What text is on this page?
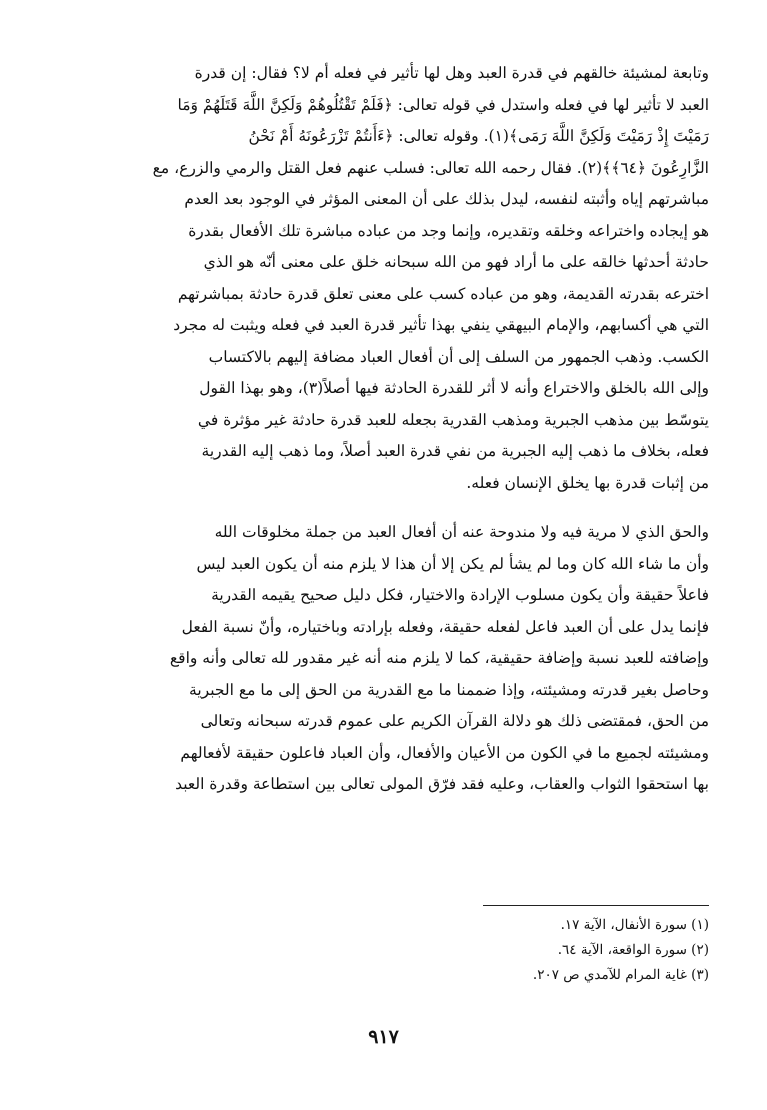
وتابعة لمشيئة خالقهم في قدرة العبد وهل لها تأثير في فعله أم لا؟ فقال: إن قدرة
العبد لا تأثير لها في فعله واستدل في قوله تعالى: ﴿فَلَمْ تَقْتُلُوهُمْ وَلَكِنَّ اللَّهَ قَتَلَهُمْ وَمَا
رَمَيْتَ إِذْ رَمَيْتَ وَلَكِنَّ اللَّهَ رَمَى﴾(١). وقوله تعالى: ﴿ءَأَنتُمْ تَزْرَعُونَهُ أَمْ نَحْنُ
الزَّارِعُونَ ﴿٦٤﴾﴾(٢). فقال رحمه الله تعالى: فسلب عنهم فعل القتل والرمي والزرع، مع
مباشرتهم إياه وأثبته لنفسه، ليدل بذلك على أن المعنى المؤثر في الوجود بعد العدم
هو إيجاده واختراعه وخلقه وتقديره، وإنما وجد من عباده مباشرة تلك الأفعال بقدرة
حادثة أحدثها خالقه على ما أراد فهو من الله سبحانه خلق على معنى أنّه هو الذي
اخترعه بقدرته القديمة، وهو من عباده كسب على معنى تعلق قدرة حادثة بمباشرتهم
التي هي أكسابهم، والإمام البيهقي ينفي بهذا تأثير قدرة العبد في فعله ويثبت له مجرد
الكسب. وذهب الجمهور من السلف إلى أن أفعال العباد مضافة إليهم بالاكتساب
وإلى الله بالخلق والاختراع وأنه لا أثر للقدرة الحادثة فيها أصلاً(٣)، وهو بهذا القول
يتوسّط بين مذهب الجبرية ومذهب القدرية بجعله للعبد قدرة حادثة غير مؤثرة في
فعله، بخلاف ما ذهب إليه الجبرية من نفي قدرة العبد أصلاً، وما ذهب إليه القدرية
من إثبات قدرة بها يخلق الإنسان فعله.
والحق الذي لا مرية فيه ولا مندوحة عنه أن أفعال العبد من جملة مخلوقات الله
وأن ما شاء الله كان وما لم يشأ لم يكن إلا أن هذا لا يلزم منه أن يكون العبد ليس
فاعلاً حقيقة وأن يكون مسلوب الإرادة والاختيار، فكل دليل صحيح يقيمه القدرية
فإنما يدل على أن العبد فاعل لفعله حقيقة، وفعله بإرادته وباختياره، وأنّ نسبة الفعل
وإضافته للعبد نسبة وإضافة حقيقية، كما لا يلزم منه أنه غير مقدور لله تعالى وأنه واقع
وحاصل بغير قدرته ومشيئته، وإذا ضممنا ما مع القدرية من الحق إلى ما مع الجبرية
من الحق، فمقتضى ذلك هو دلالة القرآن الكريم على عموم قدرته سبحانه وتعالى
ومشيئته لجميع ما في الكون من الأعيان والأفعال، وأن العباد فاعلون حقيقة لأفعالهم
بها استحقوا الثواب والعقاب، وعليه فقد فرّق المولى تعالى بين استطاعة وقدرة العبد
(١) سورة الأنفال، الآية ١٧.
(٢) سورة الواقعة، الآية ٦٤.
(٣) غاية المرام للآمدي ص ٢٠٧.
٩١٧
